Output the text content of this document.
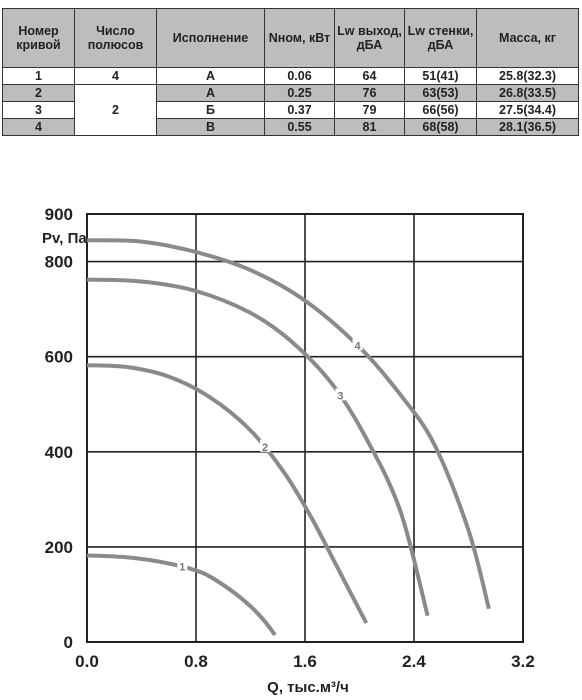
Номер кривой	Число полюсов	Исполнение	Nном, кВт	Lw выход, дБА	Lw стенки, дБА	Масса, кг
1	4	А	0.06	64	51(41)	25.8(32.3)
2	2	А	0.25	76	63(53)	26.8(33.5)
3		Б	0.37	79	66(56)	27.5(34.4)
4		В	0.55	81	68(58)	28.1(36.5)
1
2
3
4
0.0	0.8	1.6	2.4	3.2
0
200
400
600
800
900
Pv, Па
Q, тыс.м³/ч
